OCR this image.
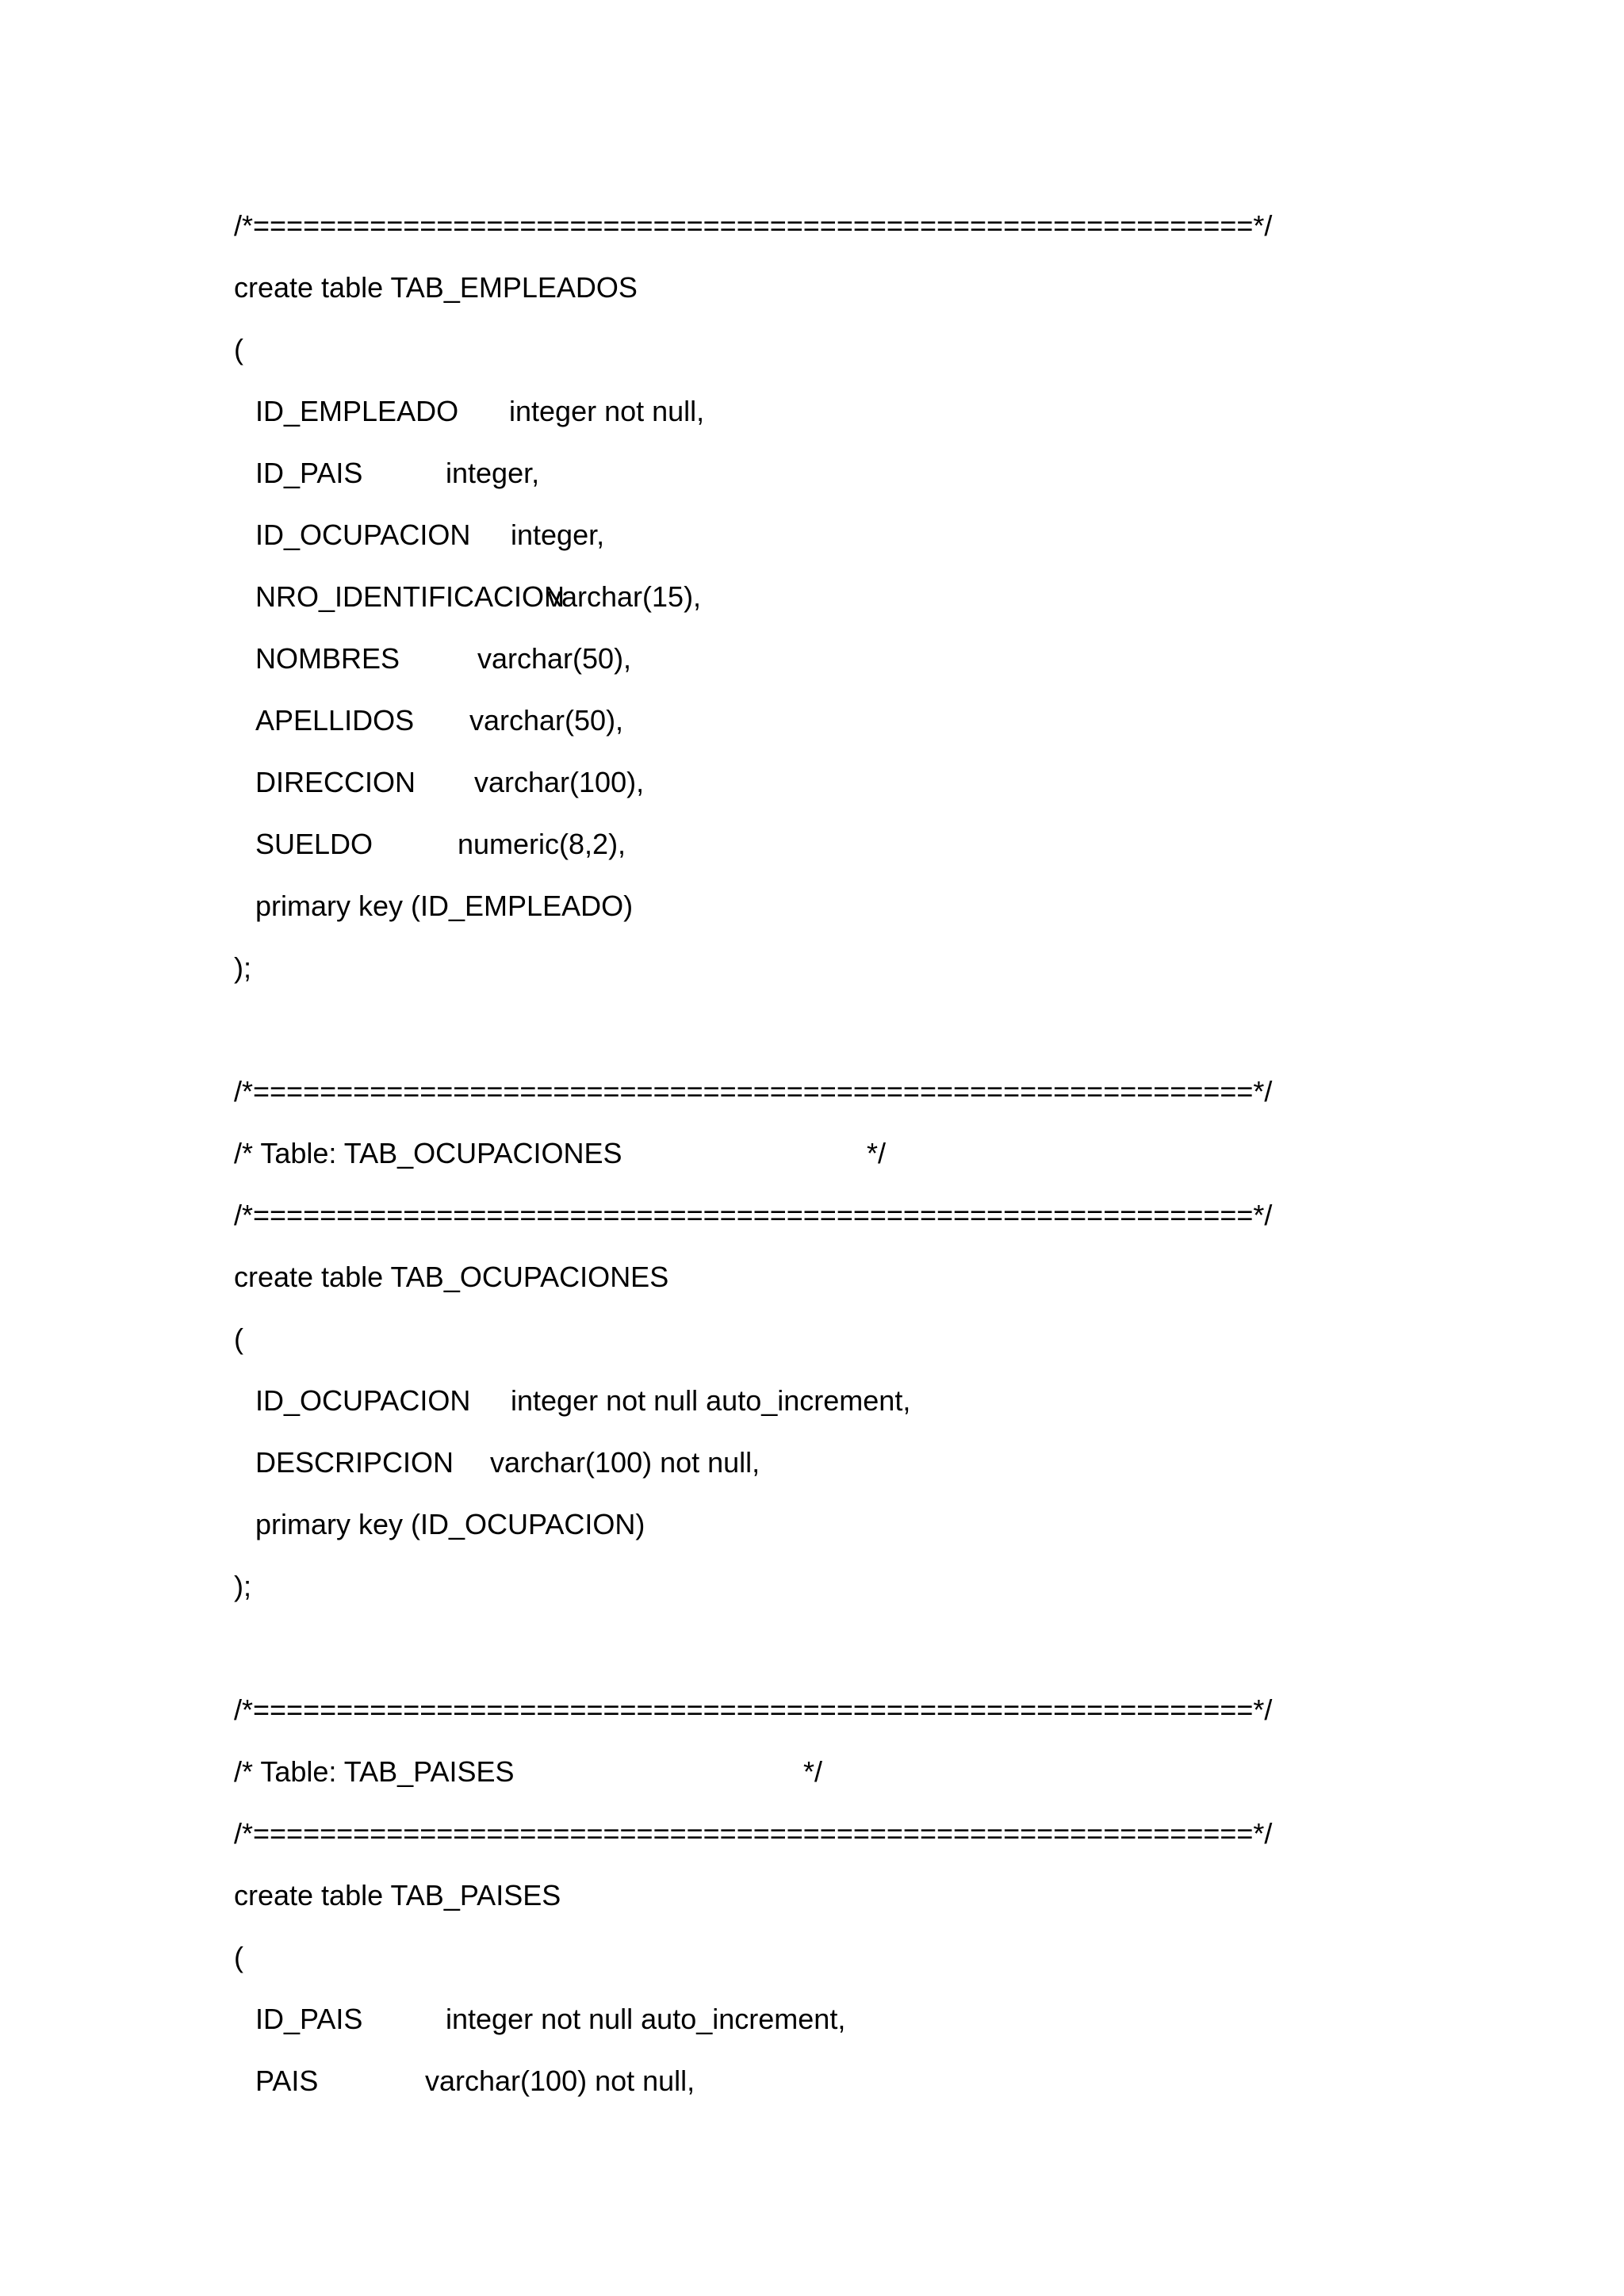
/*============================================================*/
create table TAB_EMPLEADOS
(
ID_EMPLEADO integer not null,
ID_PAIS	integer,
ID_OCUPACION integer,
NRO_IDENTIFICACIONvarchar(15),
NOMBRES	varchar(50),
APELLIDOS varchar(50),
DIRECCION varchar(100),
SUELDO	numeric(8,2),
primary key (ID_EMPLEADO)
);
/*============================================================*/
/* Table: TAB_OCUPACIONES	*/
/*============================================================*/
create table TAB_OCUPACIONES
(
ID_OCUPACION integer not null auto_increment,
DESCRIPCION varchar(100) not null,
primary key (ID_OCUPACION)
);
/*============================================================*/
/* Table: TAB_PAISES	*/
/*============================================================*/
create table TAB_PAISES
(
ID_PAIS	integer not null auto_increment,
PAIS	varchar(100) not null,
